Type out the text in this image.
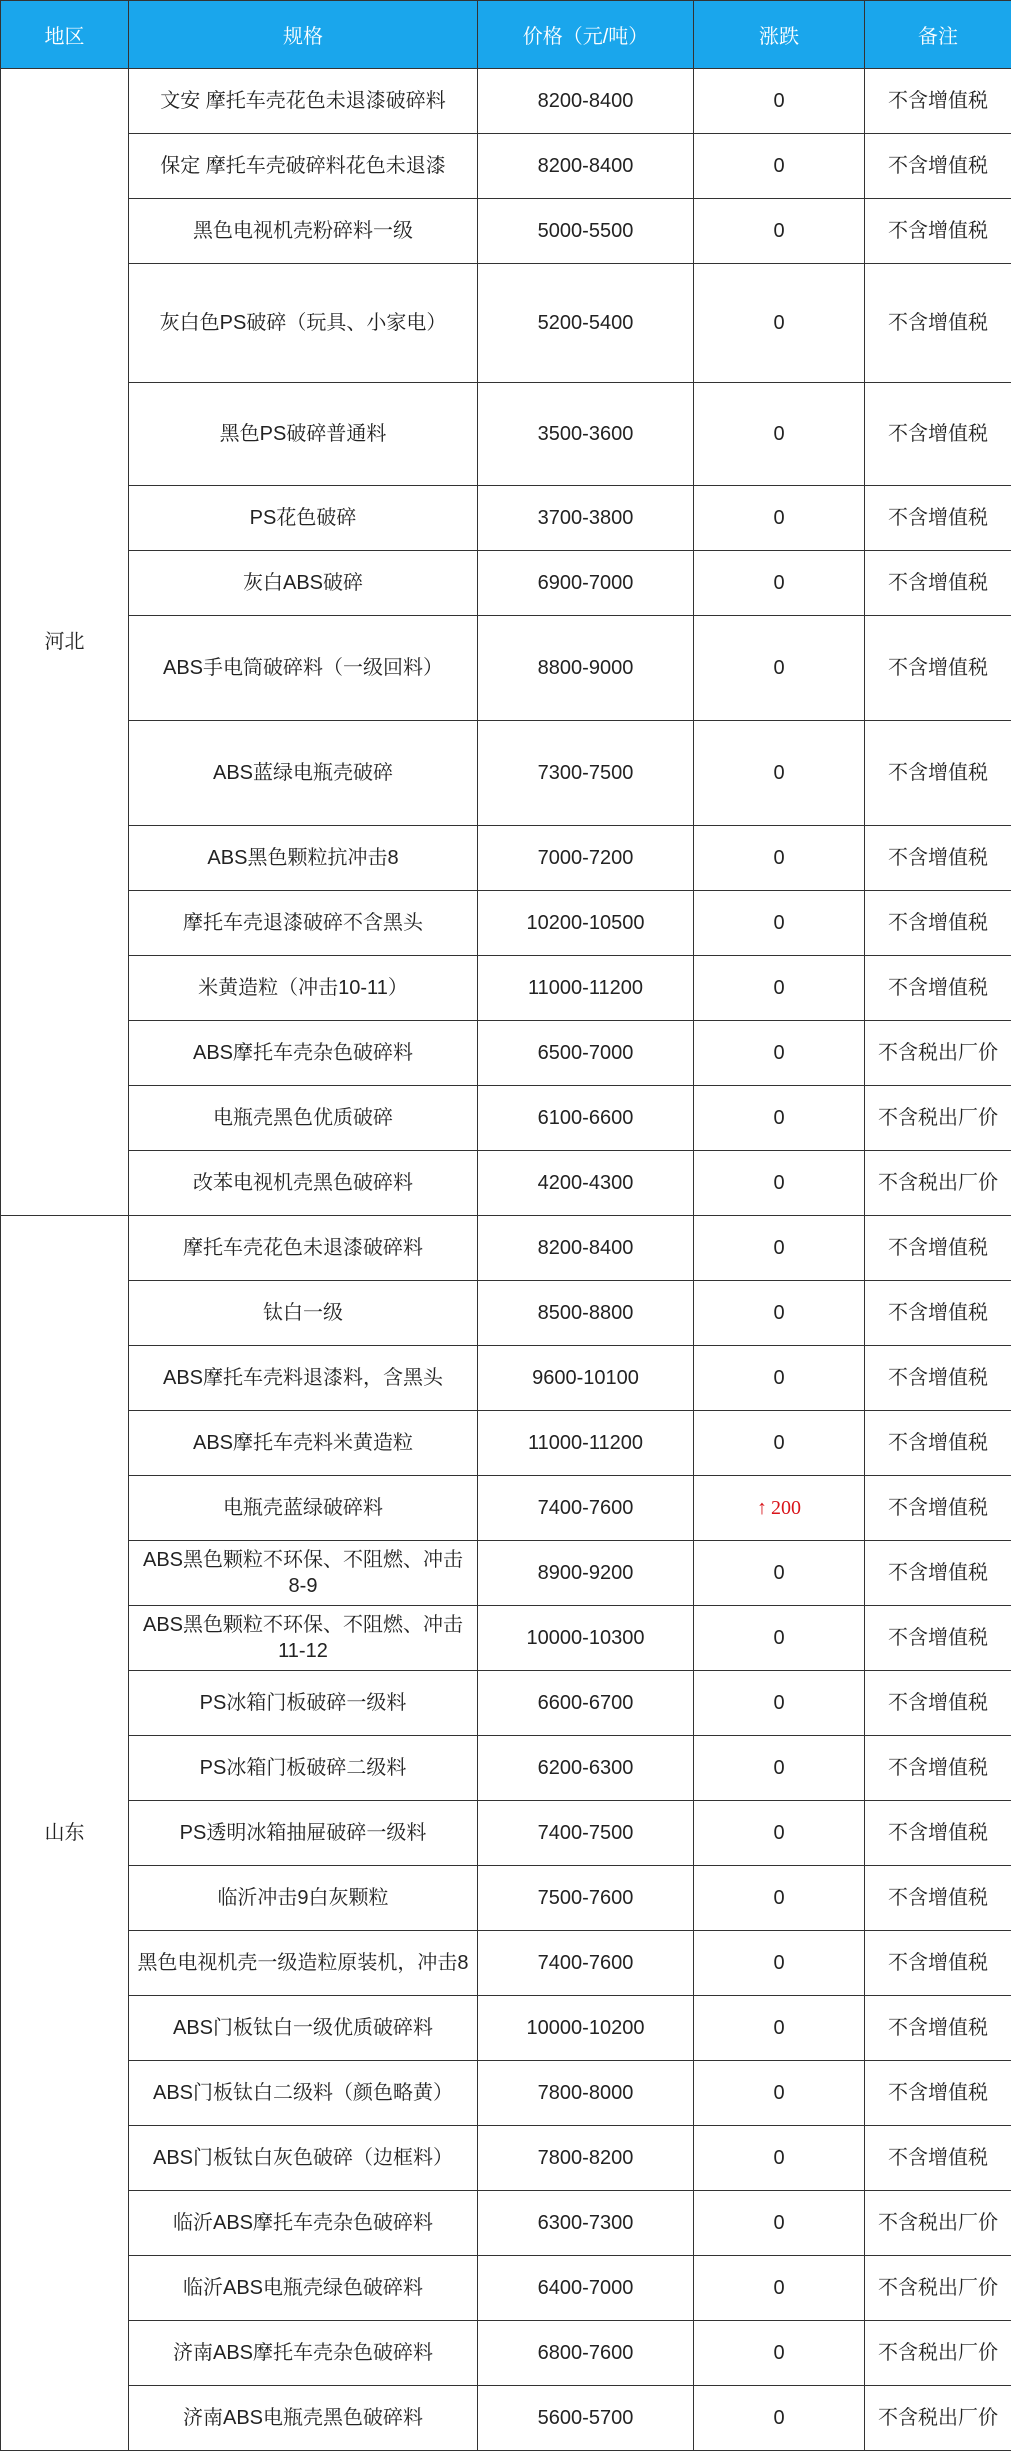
地区	规格	价格（元/吨）	涨跌	备注
河北	文安 摩托车壳花色未退漆破碎料	8200-8400	0	不含增值税
	保定 摩托车壳破碎料花色未退漆	8200-8400	0	不含增值税
	黑色电视机壳粉碎料一级	5000-5500	0	不含增值税
	灰白色PS破碎（玩具、小家电）	5200-5400	0	不含增值税
	黑色PS破碎普通料	3500-3600	0	不含增值税
	PS花色破碎	3700-3800	0	不含增值税
	灰白ABS破碎	6900-7000	0	不含增值税
	ABS手电筒破碎料（一级回料）	8800-9000	0	不含增值税
	ABS蓝绿电瓶壳破碎	7300-7500	0	不含增值税
	ABS黑色颗粒抗冲击8	7000-7200	0	不含增值税
	摩托车壳退漆破碎不含黑头	10200-10500	0	不含增值税
	米黄造粒（冲击10-11）	11000-11200	0	不含增值税
	ABS摩托车壳杂色破碎料	6500-7000	0	不含税出厂价
	电瓶壳黑色优质破碎	6100-6600	0	不含税出厂价
	改苯电视机壳黑色破碎料	4200-4300	0	不含税出厂价
山东	摩托车壳花色未退漆破碎料	8200-8400	0	不含增值税
	钛白一级	8500-8800	0	不含增值税
	ABS摩托车壳料退漆料，含黑头	9600-10100	0	不含增值税
	ABS摩托车壳料米黄造粒	11000-11200	0	不含增值税
	电瓶壳蓝绿破碎料	7400-7600	↑ 200	不含增值税
	ABS黑色颗粒不环保、不阻燃、冲击8-9	8900-9200	0	不含增值税
	ABS黑色颗粒不环保、不阻燃、冲击11-12	10000-10300	0	不含增值税
	PS冰箱门板破碎一级料	6600-6700	0	不含增值税
	PS冰箱门板破碎二级料	6200-6300	0	不含增值税
	PS透明冰箱抽屉破碎一级料	7400-7500	0	不含增值税
	临沂冲击9白灰颗粒	7500-7600	0	不含增值税
	黑色电视机壳一级造粒原装机，冲击8	7400-7600	0	不含增值税
	ABS门板钛白一级优质破碎料	10000-10200	0	不含增值税
	ABS门板钛白二级料（颜色略黄）	7800-8000	0	不含增值税
	ABS门板钛白灰色破碎（边框料）	7800-8200	0	不含增值税
	临沂ABS摩托车壳杂色破碎料	6300-7300	0	不含税出厂价
	临沂ABS电瓶壳绿色破碎料	6400-7000	0	不含税出厂价
	济南ABS摩托车壳杂色破碎料	6800-7600	0	不含税出厂价
	济南ABS电瓶壳黑色破碎料	5600-5700	0	不含税出厂价
